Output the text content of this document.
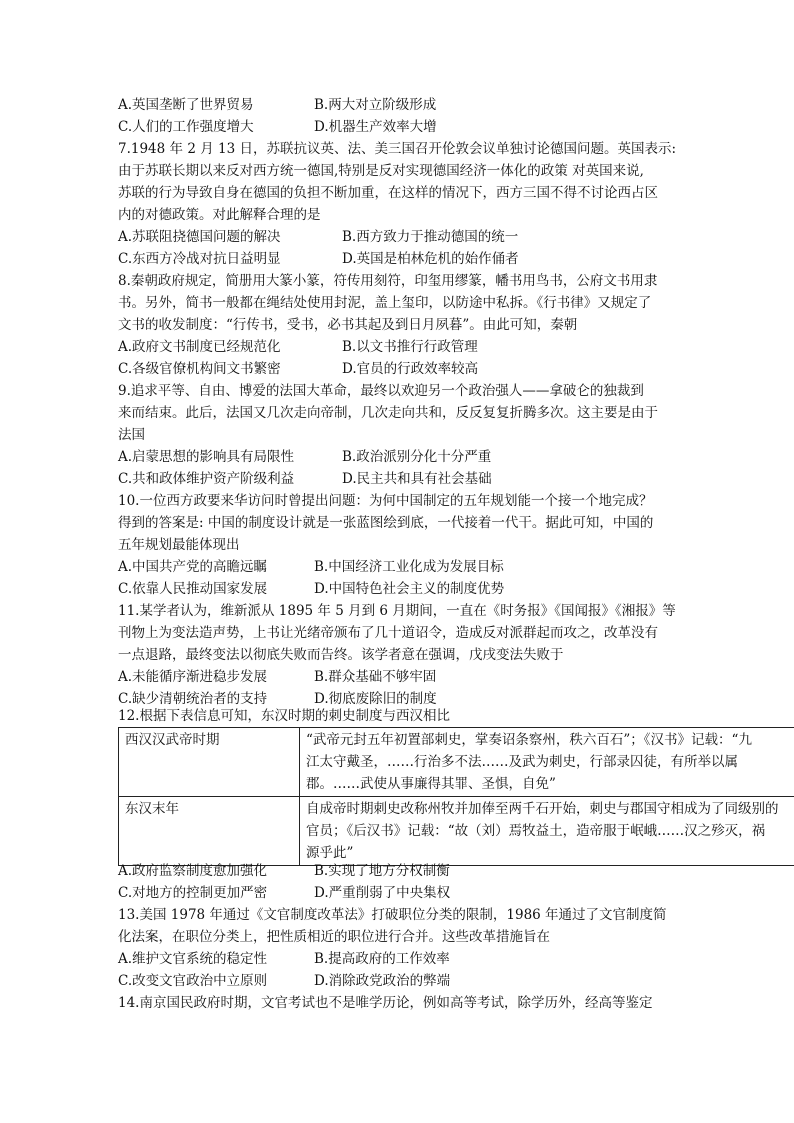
A.英国垄断了世界贸易	B.两大对立阶级形成
C.人们的工作强度增大	D.机器生产效率大增
7.1948 年 2 月 13 日，苏联抗议英、法、美三国召开伦敦会议单独讨论德国问题。英国表示:
由于苏联长期以来反对西方统一德国,特别是反对实现德国经济一体化的政策 对英国来说,
苏联的行为导致自身在德国的负担不断加重，在这样的情况下，西方三国不得不讨论西占区
内的对德政策。对此解释合理的是
A.苏联阻挠德国问题的解决	B.西方致力于推动德国的统一
C.东西方冷战对抗日益明显	D.英国是柏林危机的始作俑者
8.秦朝政府规定，简册用大篆小篆，符传用刻符，印玺用缪篆，幡书用鸟书，公府文书用隶
书。另外，简书一般都在绳结处使用封泥，盖上玺印，以防途中私拆。《行书律》又规定了
文书的收发制度：“行传书，受书，必书其起及到日月夙暮”。由此可知，秦朝
A.政府文书制度已经规范化	B.以文书推行行政管理
C.各级官僚机构间文书繁密	D.官员的行政效率较高
9.追求平等、自由、博爱的法国大革命，最终以欢迎另一个政治强人——拿破仑的独裁到
来而结束。此后，法国又几次走向帝制，几次走向共和，反反复复折腾多次。这主要是由于
法国
A.启蒙思想的影响具有局限性	B.政治派别分化十分严重
C.共和政体维护资产阶级利益	D.民主共和具有社会基础
10.一位西方政要来华访问时曾提出问题：为何中国制定的五年规划能一个接一个地完成？
得到的答案是: 中国的制度设计就是一张蓝图绘到底，一代接着一代干。据此可知，中国的
五年规划最能体现出
A.中国共产党的高瞻远瞩	B.中国经济工业化成为发展目标
C.依靠人民推动国家发展	D.中国特色社会主义的制度优势
11.某学者认为，维新派从 1895 年 5 月到 6 月期间，一直在《时务报》《国闻报》《湘报》等
刊物上为变法造声势，上书让光绪帝颁布了几十道诏令，造成反对派群起而攻之，改革没有
一点退路，最终变法以彻底失败而告终。该学者意在强调，戊戌变法失败于
A.未能循序渐进稳步发展	B.群众基础不够牢固
C.缺少清朝统治者的支持	D.彻底废除旧的制度
12.根据下表信息可知，东汉时期的刺史制度与西汉相比
西汉汉武帝时期	“武帝元封五年初置部刺史，掌奏诏条察州，秩六百石”；《汉书》记载：“九
江太守戴圣，……行治多不法……及武为刺史，行部录囚徒，有所举以属
郡。……武使从事廉得其罪、圣惧，自免”

东汉末年	自成帝时期刺史改称州牧并加俸至两千石开始，刺史与郡国守相成为了同级别的
官员；《后汉书》记载：“故（刘）焉牧益土，造帝服于岷峨……汉之殄灭，祸
源乎此”
A.政府监察制度愈加强化	B.实现了地方分权制衡
C.对地方的控制更加严密	D.严重削弱了中央集权
13.美国 1978 年通过《文官制度改革法》打破职位分类的限制，1986 年通过了文官制度简
化法案，在职位分类上，把性质相近的职位进行合并。这些改革措施旨在
A.维护文官系统的稳定性	B.提高政府的工作效率
C.改变文官政治中立原则	D.消除政党政治的弊端
14.南京国民政府时期，文官考试也不是唯学历论，例如高等考试，除学历外，经高等鉴定
